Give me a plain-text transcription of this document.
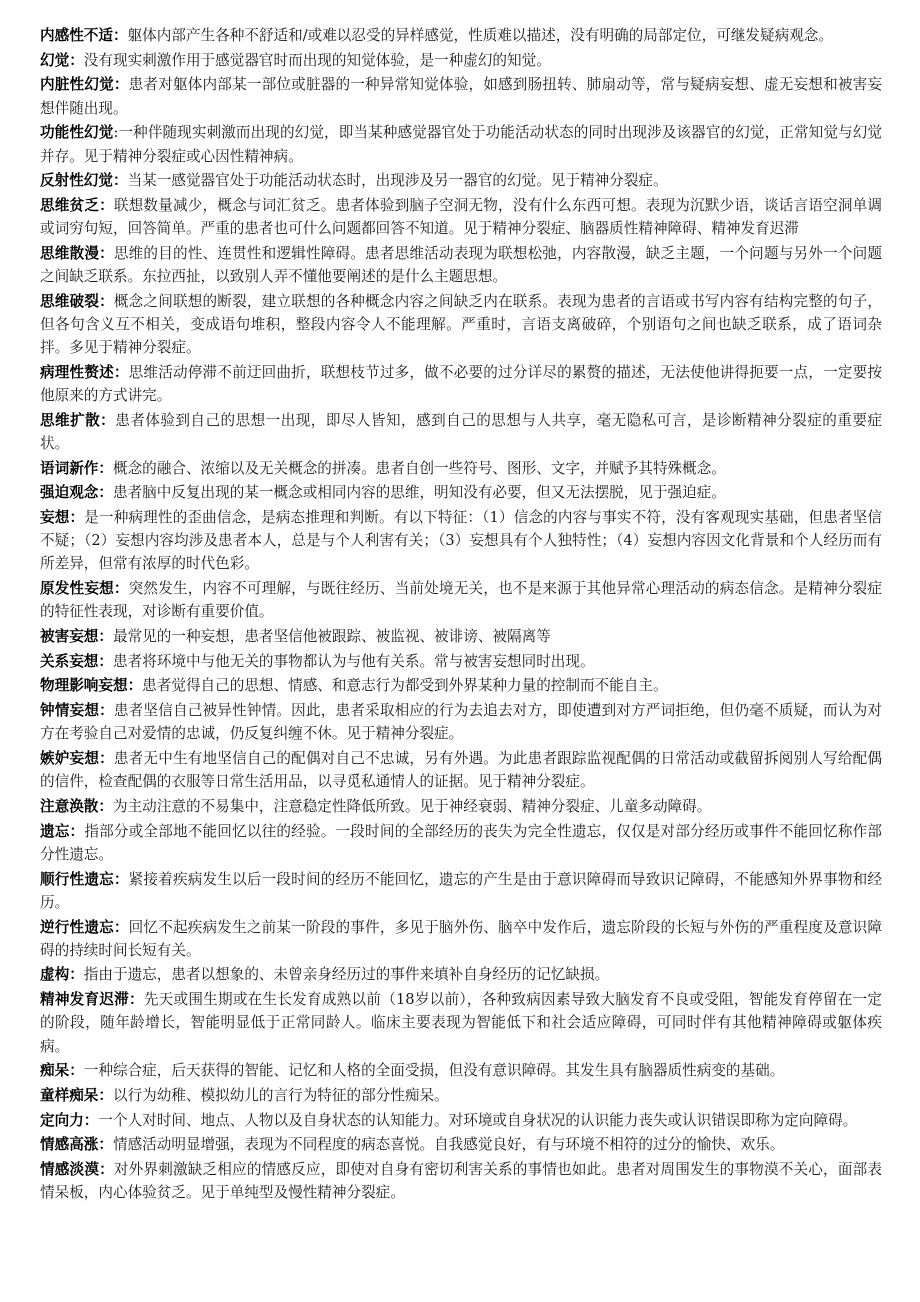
内感性不适：躯体内部产生各种不舒适和/或难以忍受的异样感觉，性质难以描述，没有明确的局部定位，可继发疑病观念。

幻觉：没有现实刺激作用于感觉器官时而出现的知觉体验，是一种虚幻的知觉。

内脏性幻觉：患者对躯体内部某一部位或脏器的一种异常知觉体验，如感到肠扭转、肺扇动等，常与疑病妄想、虚无妄想和被害妄想伴随出现。

功能性幻觉:一种伴随现实刺激而出现的幻觉，即当某种感觉器官处于功能活动状态的同时出现涉及该器官的幻觉，正常知觉与幻觉并存。见于精神分裂症或心因性精神病。

反射性幻觉：当某一感觉器官处于功能活动状态时，出现涉及另一器官的幻觉。见于精神分裂症。

思维贫乏：联想数量减少，概念与词汇贫乏。患者体验到脑子空洞无物，没有什么东西可想。表现为沉默少语，谈话言语空洞单调或词穷句短，回答简单。严重的患者也可什么问题都回答不知道。见于精神分裂症、脑器质性精神障碍、精神发育迟滞

思维散漫：思维的目的性、连贯性和逻辑性障碍。患者思维活动表现为联想松弛，内容散漫，缺乏主题，一个问题与另外一个问题之间缺乏联系。东拉西扯，以致别人弄不懂他要阐述的是什么主题思想。

思维破裂：概念之间联想的断裂，建立联想的各种概念内容之间缺乏内在联系。表现为患者的言语或书写内容有结构完整的句子，但各句含义互不相关，变成语句堆积，整段内容令人不能理解。严重时，言语支离破碎，个别语句之间也缺乏联系，成了语词杂拌。多见于精神分裂症。

病理性赘述：思维活动停滞不前迂回曲折，联想枝节过多，做不必要的过分详尽的累赘的描述，无法使他讲得扼要一点，一定要按他原来的方式讲完。

思维扩散：患者体验到自己的思想一出现，即尽人皆知，感到自己的思想与人共享，毫无隐私可言，是诊断精神分裂症的重要症状。

语词新作：概念的融合、浓缩以及无关概念的拼凑。患者自创一些符号、图形、文字，并赋予其特殊概念。

强迫观念：患者脑中反复出现的某一概念或相同内容的思维，明知没有必要，但又无法摆脱，见于强迫症。

妄想：是一种病理性的歪曲信念，是病态推理和判断。有以下特征：（1）信念的内容与事实不符，没有客观现实基础，但患者坚信不疑；（2）妄想内容均涉及患者本人，总是与个人利害有关；（3）妄想具有个人独特性；（4）妄想内容因文化背景和个人经历而有所差异，但常有浓厚的时代色彩。

原发性妄想：突然发生，内容不可理解，与既往经历、当前处境无关，也不是来源于其他异常心理活动的病态信念。是精神分裂症的特征性表现，对诊断有重要价值。

被害妄想：最常见的一种妄想，患者坚信他被跟踪、被监视、被诽谤、被隔离等

关系妄想：患者将环境中与他无关的事物都认为与他有关系。常与被害妄想同时出现。

物理影响妄想：患者觉得自己的思想、情感、和意志行为都受到外界某种力量的控制而不能自主。

钟情妄想：患者坚信自己被异性钟情。因此，患者采取相应的行为去追去对方，即使遭到对方严词拒绝，但仍毫不质疑，而认为对方在考验自己对爱情的忠诚，仍反复纠缠不休。见于精神分裂症。

嫉妒妄想：患者无中生有地坚信自己的配偶对自己不忠诚，另有外遇。为此患者跟踪监视配偶的日常活动或截留拆阅别人写给配偶的信件，检查配偶的衣服等日常生活用品，以寻觅私通情人的证据。见于精神分裂症。

注意涣散：为主动注意的不易集中，注意稳定性降低所致。见于神经衰弱、精神分裂症、儿童多动障碍。

遗忘：指部分或全部地不能回忆以往的经验。一段时间的全部经历的丧失为完全性遗忘，仅仅是对部分经历或事件不能回忆称作部分性遗忘。

顺行性遗忘：紧接着疾病发生以后一段时间的经历不能回忆，遗忘的产生是由于意识障碍而导致识记障碍，不能感知外界事物和经历。

逆行性遗忘：回忆不起疾病发生之前某一阶段的事件，多见于脑外伤、脑卒中发作后，遗忘阶段的长短与外伤的严重程度及意识障碍的持续时间长短有关。

虚构：指由于遗忘，患者以想象的、未曾亲身经历过的事件来填补自身经历的记忆缺损。

精神发育迟滞：先天或围生期或在生长发育成熟以前（18岁以前），各种致病因素导致大脑发育不良或受阻，智能发育停留在一定的阶段，随年龄增长，智能明显低于正常同龄人。临床主要表现为智能低下和社会适应障碍，可同时伴有其他精神障碍或躯体疾病。

痴呆：一种综合症，后天获得的智能、记忆和人格的全面受损，但没有意识障碍。其发生具有脑器质性病变的基础。

童样痴呆：以行为幼稚、模拟幼儿的言行为特征的部分性痴呆。

定向力：一个人对时间、地点、人物以及自身状态的认知能力。对环境或自身状况的认识能力丧失或认识错误即称为定向障碍。

情感高涨：情感活动明显增强，表现为不同程度的病态喜悦。自我感觉良好，有与环境不相符的过分的愉快、欢乐。

情感淡漠：对外界刺激缺乏相应的情感反应，即使对自身有密切利害关系的事情也如此。患者对周围发生的事物漠不关心，面部表情呆板，内心体验贫乏。见于单纯型及慢性精神分裂症。
